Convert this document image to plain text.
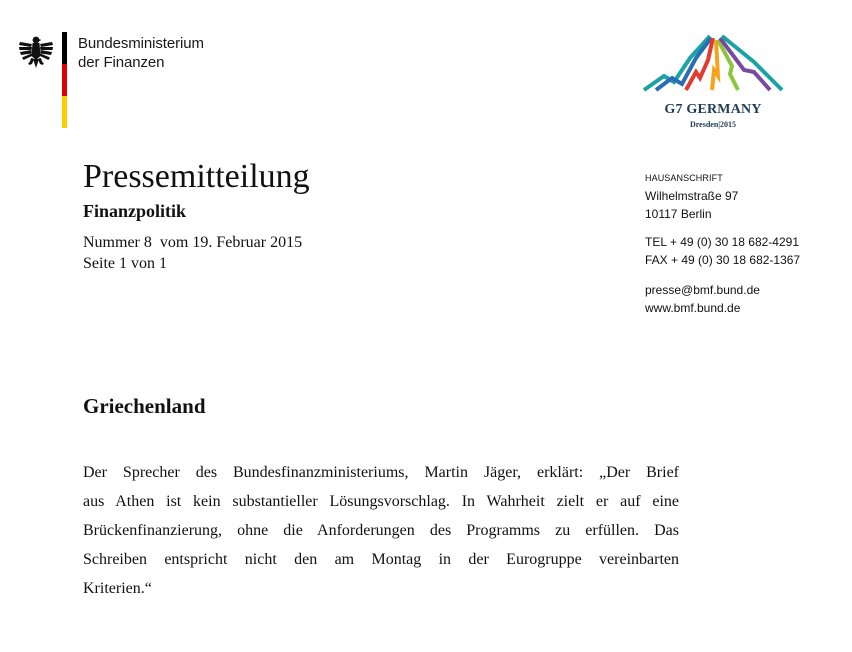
Bundesministerium
der Finanzen
G7 GERMANY
Dresden|2015
Pressemitteilung
Finanzpolitik
Nummer 8  vom 19. Februar 2015
Seite 1 von 1
HAUSANSCHRIFT
Wilhelmstraße 97
10117 Berlin
TEL + 49 (0) 30 18 682-4291
FAX + 49 (0) 30 18 682-1367
presse@bmf.bund.de
www.bmf.bund.de
Griechenland
Der Sprecher des Bundesfinanzministeriums, Martin Jäger, erklärt: „Der Brief
aus Athen ist kein substantieller Lösungsvorschlag. In Wahrheit zielt er auf eine
Brückenfinanzierung, ohne die Anforderungen des Programms zu erfüllen. Das
Schreiben entspricht nicht den am Montag in der Eurogruppe vereinbarten
Kriterien.“
